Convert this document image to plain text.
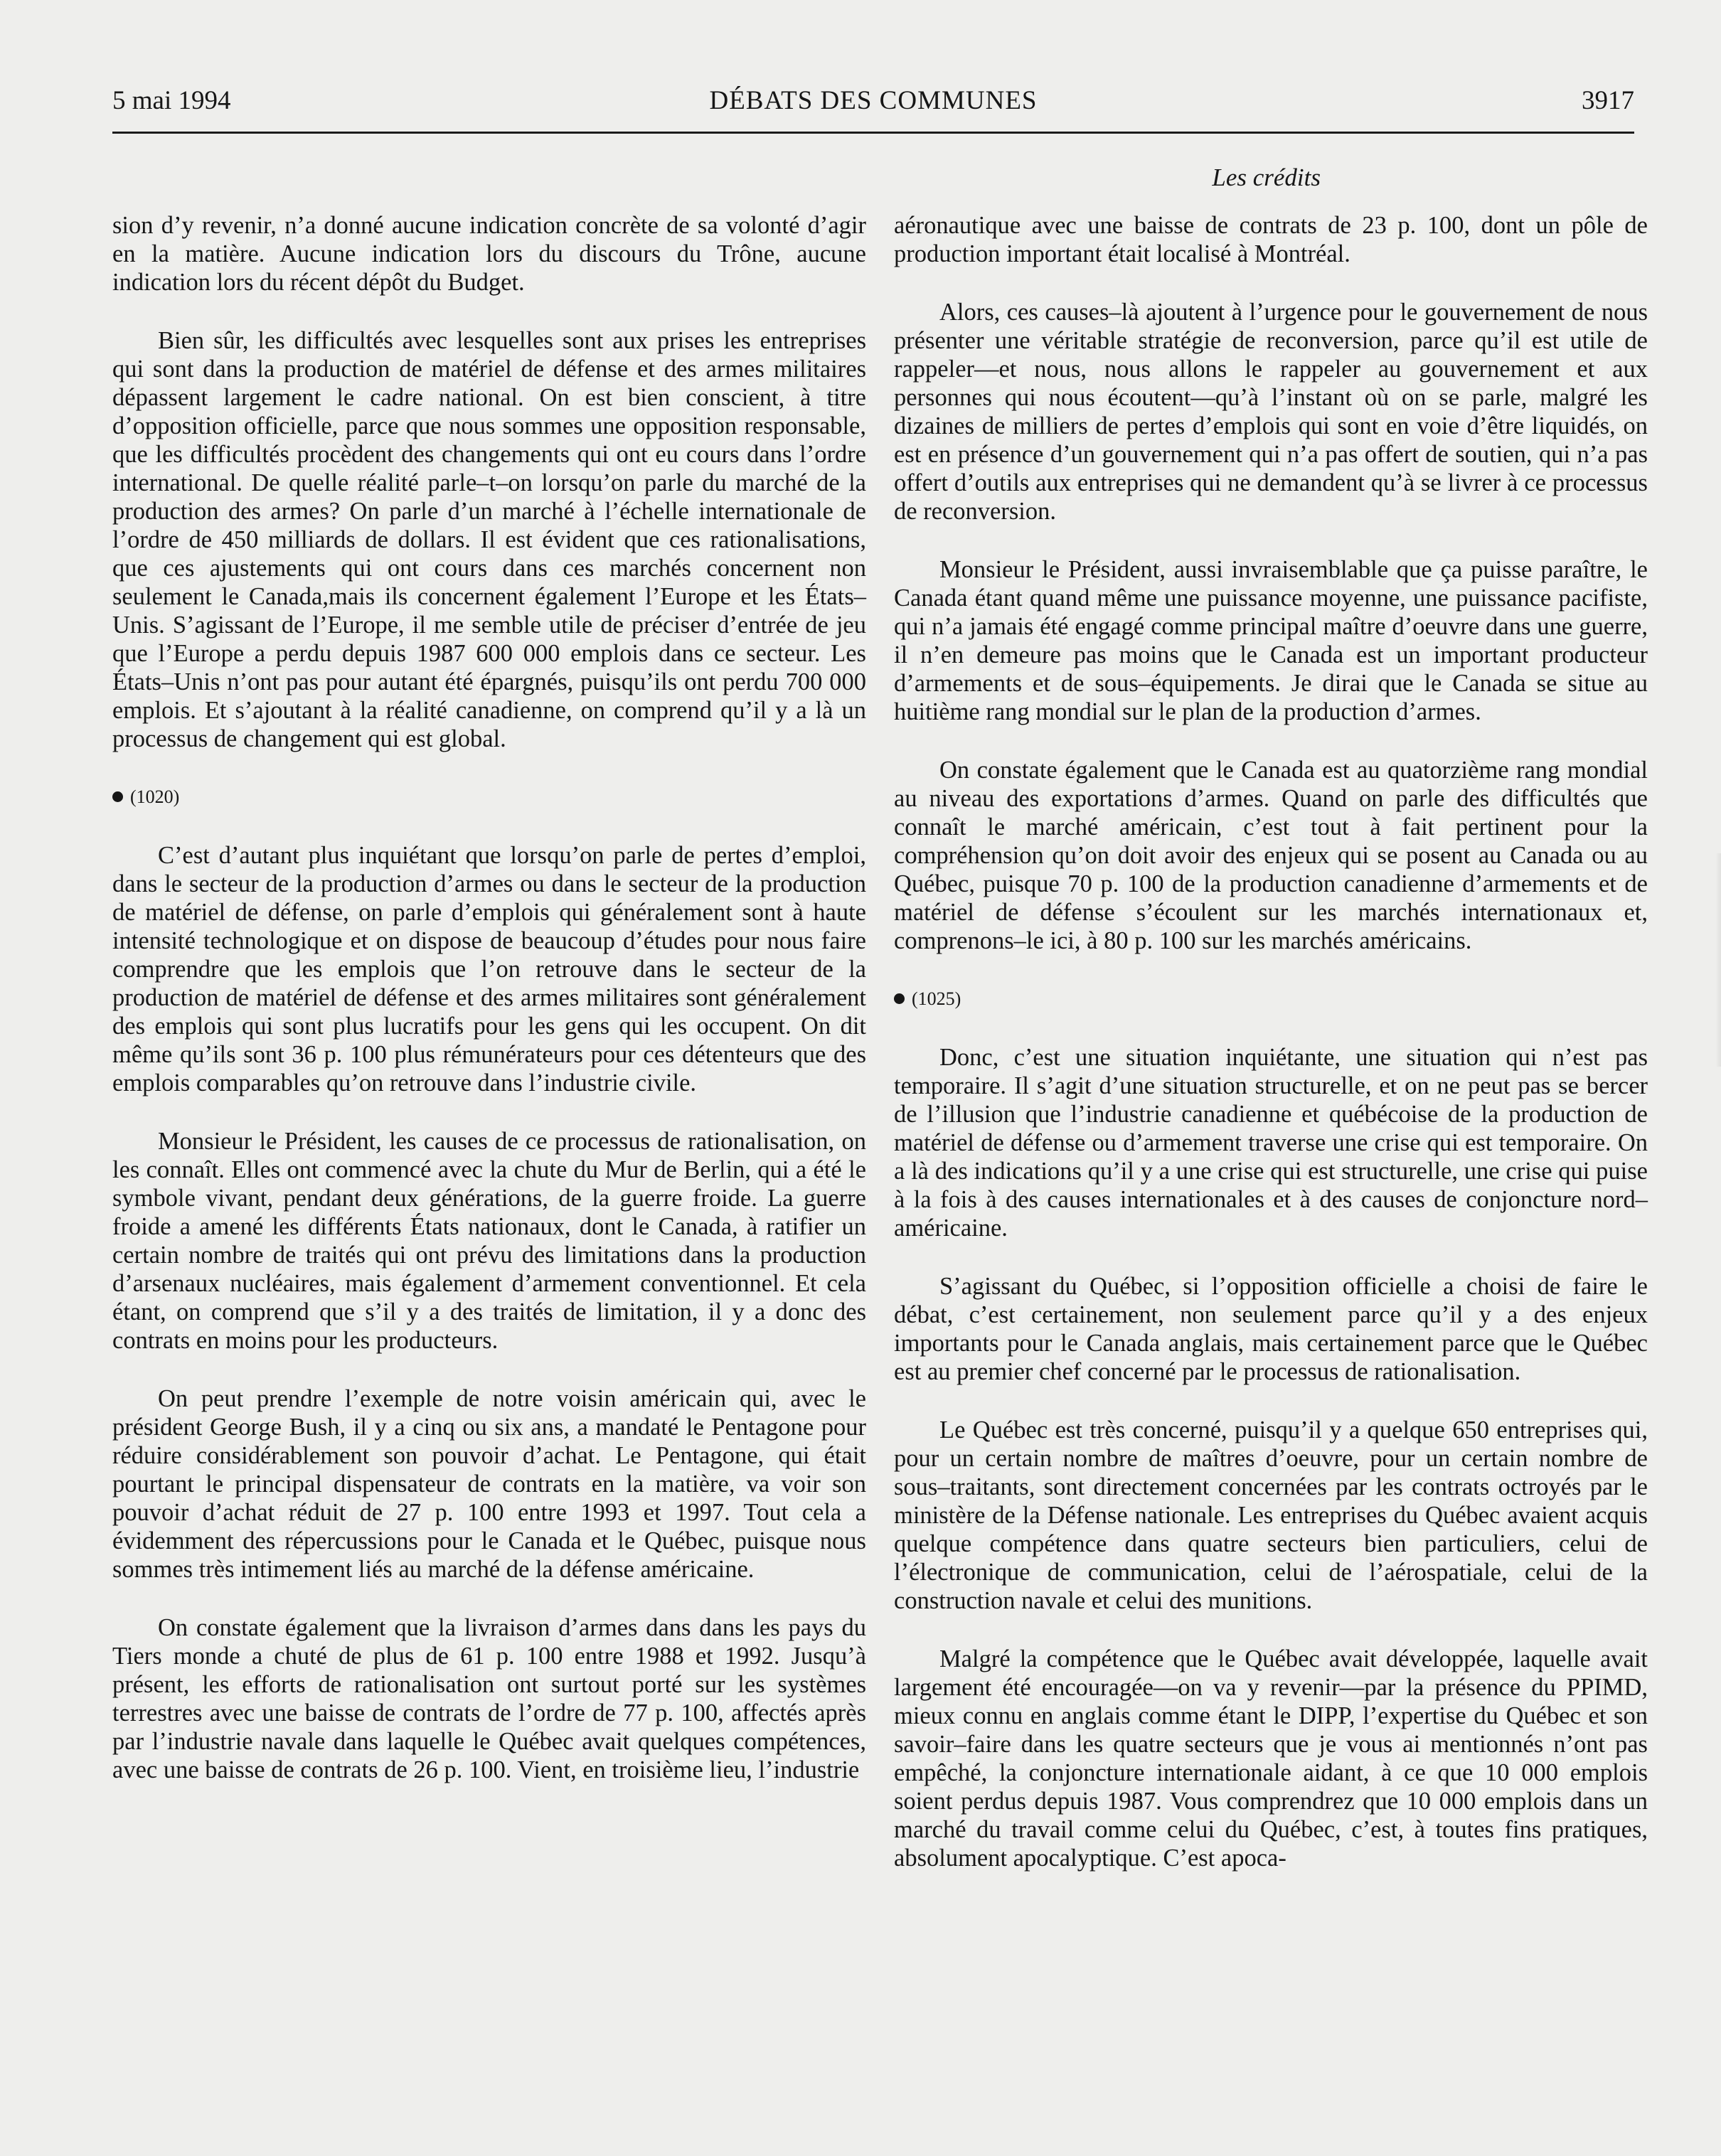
5 mai 1994	DÉBATS DES COMMUNES	3917
Les crédits

sion d’y revenir, n’a donné aucune indication concrète de sa volonté d’agir en la matière. Aucune indication lors du discours du Trône, aucune indication lors du récent dépôt du Budget.

Bien sûr, les difficultés avec lesquelles sont aux prises les entreprises qui sont dans la production de matériel de défense et des armes militaires dépassent largement le cadre national. On est bien conscient, à titre d’opposition officielle, parce que nous sommes une opposition responsable, que les difficultés procèdent des changements qui ont eu cours dans l’ordre international. De quelle réalité parle–t–on lorsqu’on parle du marché de la production des armes? On parle d’un marché à l’échelle internationale de l’ordre de 450 milliards de dollars. Il est évident que ces rationalisations, que ces ajustements qui ont cours dans ces marchés concernent non seulement le Canada,mais ils concernent également l’Europe et les États–Unis. S’agissant de l’Europe, il me semble utile de préciser d’entrée de jeu que l’Europe a perdu depuis 1987 600 000 emplois dans ce secteur. Les États–Unis n’ont pas pour autant été épargnés, puisqu’ils ont perdu 700 000 emplois. Et s’ajoutant à la réalité canadienne, on comprend qu’il y a là un processus de changement qui est global.

(1020)

C’est d’autant plus inquiétant que lorsqu’on parle de pertes d’emploi, dans le secteur de la production d’armes ou dans le secteur de la production de matériel de défense, on parle d’emplois qui généralement sont à haute intensité technologique et on dispose de beaucoup d’études pour nous faire comprendre que les emplois que l’on retrouve dans le secteur de la production de matériel de défense et des armes militaires sont généralement des emplois qui sont plus lucratifs pour les gens qui les occupent. On dit même qu’ils sont 36 p. 100 plus rémunérateurs pour ces détenteurs que des emplois comparables qu’on retrouve dans l’industrie civile.

Monsieur le Président, les causes de ce processus de rationalisation, on les connaît. Elles ont commencé avec la chute du Mur de Berlin, qui a été le symbole vivant, pendant deux générations, de la guerre froide. La guerre froide a amené les différents États nationaux, dont le Canada, à ratifier un certain nombre de traités qui ont prévu des limitations dans la production d’arsenaux nucléaires, mais également d’armement conventionnel. Et cela étant, on comprend que s’il y a des traités de limitation, il y a donc des contrats en moins pour les producteurs.

On peut prendre l’exemple de notre voisin américain qui, avec le président George Bush, il y a cinq ou six ans, a mandaté le Pentagone pour réduire considérablement son pouvoir d’achat. Le Pentagone, qui était pourtant le principal dispensateur de contrats en la matière, va voir son pouvoir d’achat réduit de 27 p. 100 entre 1993 et 1997. Tout cela a évidemment des répercussions pour le Canada et le Québec, puisque nous sommes très intimement liés au marché de la défense américaine.

On constate également que la livraison d’armes dans dans les pays du Tiers monde a chuté de plus de 61 p. 100 entre 1988 et 1992. Jusqu’à présent, les efforts de rationalisation ont surtout porté sur les systèmes terrestres avec une baisse de contrats de l’ordre de 77 p. 100, affectés après par l’industrie navale dans laquelle le Québec avait quelques compétences, avec une baisse de contrats de 26 p. 100. Vient, en troisième lieu, l’industrie

aéronautique avec une baisse de contrats de 23 p. 100, dont un pôle de production important était localisé à Montréal.

Alors, ces causes–là ajoutent à l’urgence pour le gouvernement de nous présenter une véritable stratégie de reconversion, parce qu’il est utile de rappeler—et nous, nous allons le rappeler au gouvernement et aux personnes qui nous écoutent—qu’à l’instant où on se parle, malgré les dizaines de milliers de pertes d’emplois qui sont en voie d’être liquidés, on est en présence d’un gouvernement qui n’a pas offert de soutien, qui n’a pas offert d’outils aux entreprises qui ne demandent qu’à se livrer à ce processus de reconversion.

Monsieur le Président, aussi invraisemblable que ça puisse paraître, le Canada étant quand même une puissance moyenne, une puissance pacifiste, qui n’a jamais été engagé comme principal maître d’oeuvre dans une guerre, il n’en demeure pas moins que le Canada est un important producteur d’armements et de sous–équipements. Je dirai que le Canada se situe au huitième rang mondial sur le plan de la production d’armes.

On constate également que le Canada est au quatorzième rang mondial au niveau des exportations d’armes. Quand on parle des difficultés que connaît le marché américain, c’est tout à fait pertinent pour la compréhension qu’on doit avoir des enjeux qui se posent au Canada ou au Québec, puisque 70 p. 100 de la production canadienne d’armements et de matériel de défense s’écoulent sur les marchés internationaux et, comprenons–le ici, à 80 p. 100 sur les marchés américains.

(1025)

Donc, c’est une situation inquiétante, une situation qui n’est pas temporaire. Il s’agit d’une situation structurelle, et on ne peut pas se bercer de l’illusion que l’industrie canadienne et québécoise de la production de matériel de défense ou d’armement traverse une crise qui est temporaire. On a là des indications qu’il y a une crise qui est structurelle, une crise qui puise à la fois à des causes internationales et à des causes de conjoncture nord–américaine.

S’agissant du Québec, si l’opposition officielle a choisi de faire le débat, c’est certainement, non seulement parce qu’il y a des enjeux importants pour le Canada anglais, mais certainement parce que le Québec est au premier chef concerné par le processus de rationalisation.

Le Québec est très concerné, puisqu’il y a quelque 650 entreprises qui, pour un certain nombre de maîtres d’oeuvre, pour un certain nombre de sous–traitants, sont directement concernées par les contrats octroyés par le ministère de la Défense nationale. Les entreprises du Québec avaient acquis quelque compétence dans quatre secteurs bien particuliers, celui de l’électronique de communication, celui de l’aérospatiale, celui de la construction navale et celui des munitions.

Malgré la compétence que le Québec avait développée, laquelle avait largement été encouragée—on va y revenir—par la présence du PPIMD, mieux connu en anglais comme étant le DIPP, l’expertise du Québec et son savoir–faire dans les quatre secteurs que je vous ai mentionnés n’ont pas empêché, la conjoncture internationale aidant, à ce que 10 000 emplois soient perdus depuis 1987. Vous comprendrez que 10 000 emplois dans un marché du travail comme celui du Québec, c’est, à toutes fins pratiques, absolument apocalyptique. C’est apoca-
